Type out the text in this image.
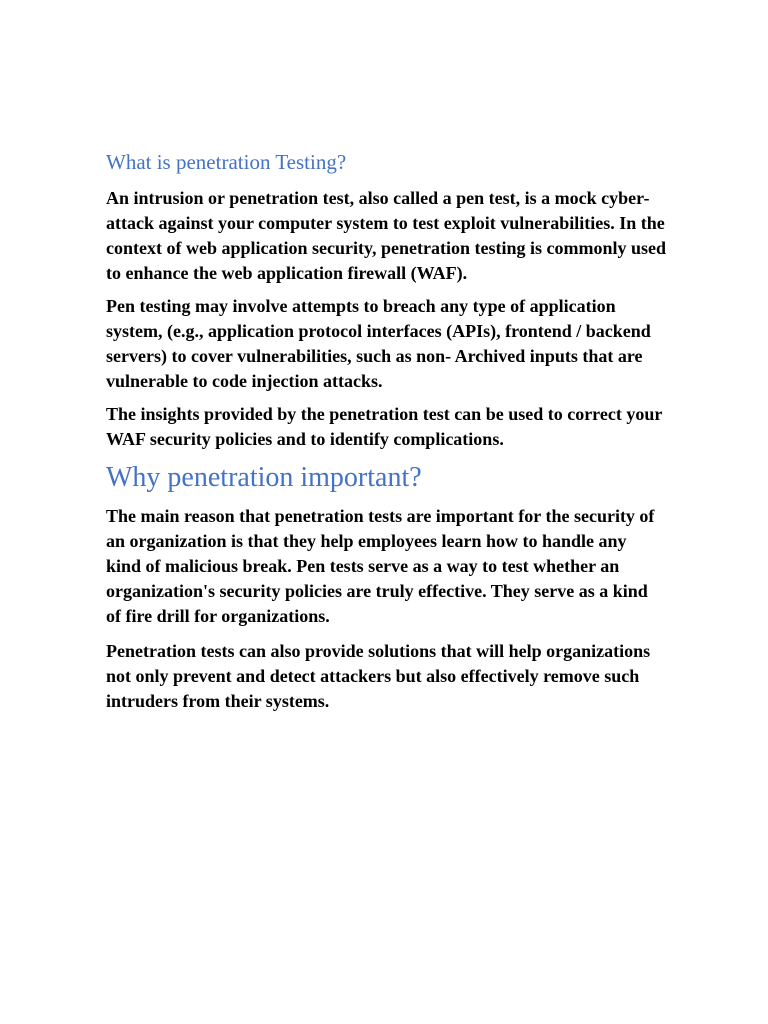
What is penetration Testing?

An intrusion or penetration test, also called a pen test, is a mock cyber-attack against your computer system to test exploit vulnerabilities. In the context of web application security, penetration testing is commonly used to enhance the web application firewall (WAF).

Pen testing may involve attempts to breach any type of application system, (e.g., application protocol interfaces (APIs), frontend / backend servers) to cover vulnerabilities, such as non- Archived inputs that are vulnerable to code injection attacks.

The insights provided by the penetration test can be used to correct your WAF security policies and to identify complications.

Why penetration important?

The main reason that penetration tests are important for the security of an organization is that they help employees learn how to handle any kind of malicious break. Pen tests serve as a way to test whether an organization's security policies are truly effective. They serve as a kind of fire drill for organizations.

Penetration tests can also provide solutions that will help organizations not only prevent and detect attackers but also effectively remove such intruders from their systems.
